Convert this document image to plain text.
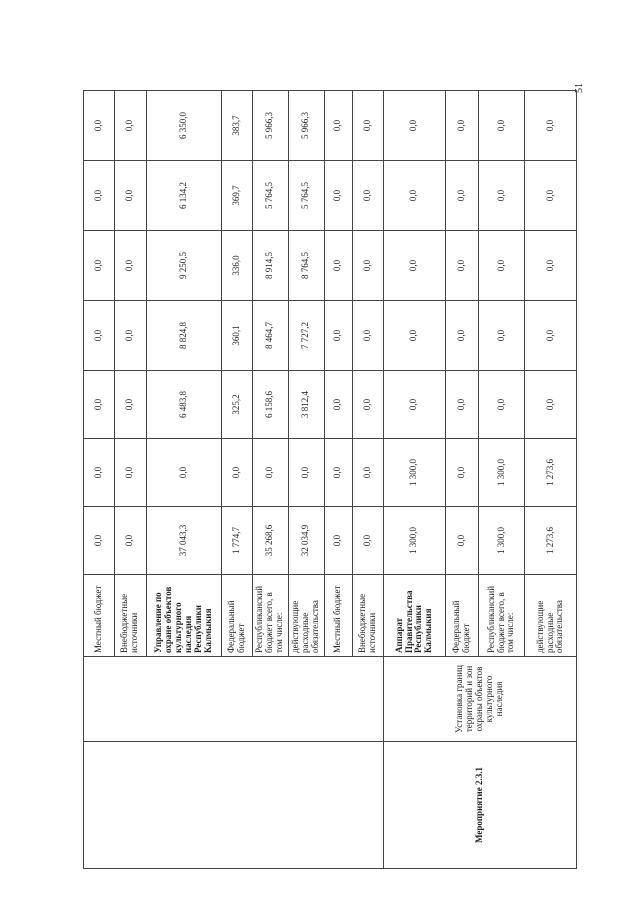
51
		Местный бюджет	0,0	0,0	0,0	0,0	0,0	0,0	0,0
		Внебюджетные источники	0,0	0,0	0,0	0,0	0,0	0,0	0,0
		Управление по охране объектов культурного наследия Республики Калмыкия	37 043,3	0,0	6 483,8	8 824,8	9 250,5	6 134,2	6 350,0
		Федеральный бюджет	1 774,7	0,0	325,2	360,1	336,0	369,7	383,7
		Республиканский бюджет всего, в том числе:	35 268,6	0,0	6 158,6	8 464,7	8 914,5	5 764,5	5 966,3
		действующие расходные обязательства	32 034,9	0,0	3 812,4	7 727,2	8 764,5	5 764,5	5 966,3
		Местный бюджет	0,0	0,0	0,0	0,0	0,0	0,0	0,0
		Внебюджетные источники	0,0	0,0	0,0	0,0	0,0	0,0	0,0
Мероприятие 2.3.1	Установка границ территорий и зон охраны объектов культурного наследия	Аппарат Правительства Республики Калмыкия	1 300,0	1 300,0	0,0	0,0	0,0	0,0	0,0
		Федеральный бюджет	0,0	0,0	0,0	0,0	0,0	0,0	0,0
		Республиканский бюджет всего, в том числе:	1 300,0	1 300,0	0,0	0,0	0,0	0,0	0,0
		действующие расходные обязательства	1 273,6	1 273,6	0,0	0,0	0,0	0,0	0,0
